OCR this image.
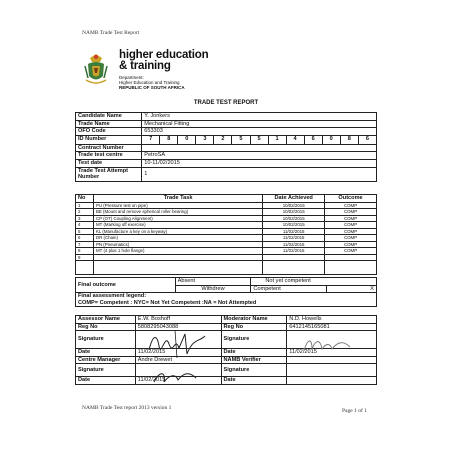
NAMB Trade Test Report
higher education
& training
Department:
Higher Education and Training
REPUBLIC OF SOUTH AFRICA
TRADE TEST REPORT
Candidate Name	Y. Jonkers												
Trade Name	Mechanical Fitting												
OFO Code	653303												
ID Number	7	8	0	3	2	5	5	1	4	6	0	8	6
Contract Number													
Trade test centre	PetroSA												
Test date	10-11/02/2015												

Trade Test Attempt
Number	1												
No	Trade Task	Date Achieved	Outcome
1	PU (Pressure test on pipe)	10/02/2015	COMP
2	BE (Mount and remove spherical roller bearing)	10/02/2015	COMP
3	CP (OT) Coupling Alignment)	10/02/2015	COMP
4	MT (Marking off exercise)	10/02/2015	COMP
5	KL (Manufacture a key on a keyway)	11/02/2015	COMP
6	DR (Chain)	11/02/2015	COMP
7	PN (Pneumatics)	11/02/2015	COMP
8	MT (4 plus 1 hole flange)	11/02/2015	COMP
9			

Final outcome	Absent	Not yet competent	
	Withdrew	Competent	X

Final assessment legend:
COMP= Competent : NYC= Not Yet Competent :NA = Not Attempted			
Assessor Name	E.W. Boshoff	Moderator Name	N.D. Howells
Reg No	5808295043088	Reg No	6412145165081
Signature		Signature	
Date	11/02/2015	Date	11/02/2015
Centre Manager	Andre Drewet	NAMB Verifier	
Signature		Signature	
Date	11/02/2015	Date	
NAMB Trade Test report 2013 version 1	Page 1 of 1
